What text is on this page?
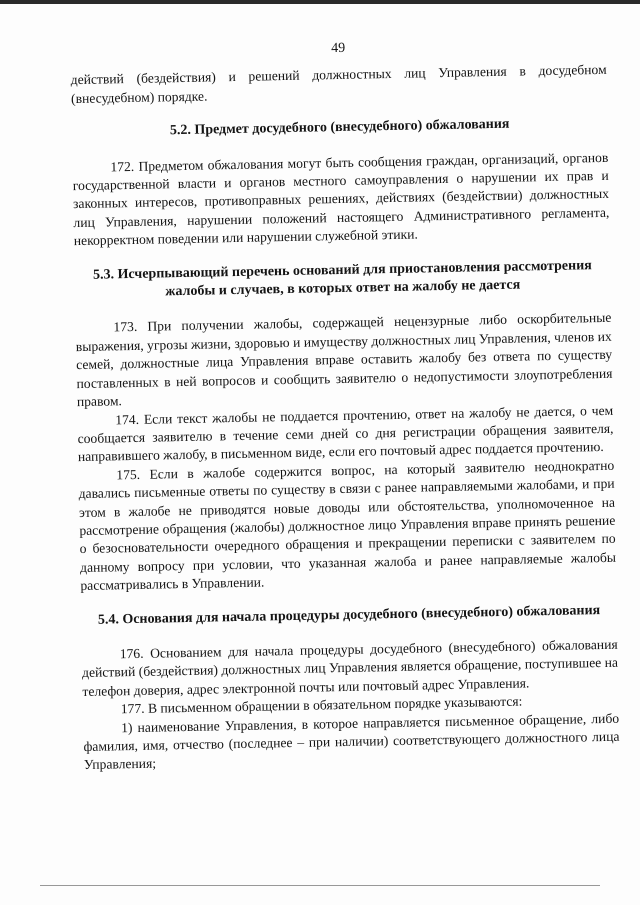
49

действий (бездействия) и решений должностных лиц Управления в досудебном (внесудебном) порядке.

5.2. Предмет досудебного (внесудебного) обжалования

172. Предметом обжалования могут быть сообщения граждан, организаций, органов государственной власти и органов местного самоуправления о нарушении их прав и законных интересов, противоправных решениях, действиях (бездействии) должностных лиц Управления, нарушении положений настоящего Административного регламента, некорректном поведении или нарушении служебной этики.

5.3. Исчерпывающий перечень оснований для приостановления рассмотрения жалобы и случаев, в которых ответ на жалобу не дается

173. При получении жалобы, содержащей нецензурные либо оскорбительные выражения, угрозы жизни, здоровью и имуществу должностных лиц Управления, членов их семей, должностные лица Управления вправе оставить жалобу без ответа по существу поставленных в ней вопросов и сообщить заявителю о недопустимости злоупотребления правом.

174. Если текст жалобы не поддается прочтению, ответ на жалобу не дается, о чем сообщается заявителю в течение семи дней со дня регистрации обращения заявителя, направившего жалобу, в письменном виде, если его почтовый адрес поддается прочтению.

175. Если в жалобе содержится вопрос, на который заявителю неоднократно давались письменные ответы по существу в связи с ранее направляемыми жалобами, и при этом в жалобе не приводятся новые доводы или обстоятельства, уполномоченное на рассмотрение обращения (жалобы) должностное лицо Управления вправе принять решение о безосновательности очередного обращения и прекращении переписки с заявителем по данному вопросу при условии, что указанная жалоба и ранее направляемые жалобы рассматривались в Управлении.

5.4. Основания для начала процедуры досудебного (внесудебного) обжалования

176. Основанием для начала процедуры досудебного (внесудебного) обжалования действий (бездействия) должностных лиц Управления является обращение, поступившее на телефон доверия, адрес электронной почты или почтовый адрес Управления.

177. В письменном обращении в обязательном порядке указываются:

1) наименование Управления, в которое направляется письменное обращение, либо фамилия, имя, отчество (последнее – при наличии) соответствующего должностного лица Управления;
